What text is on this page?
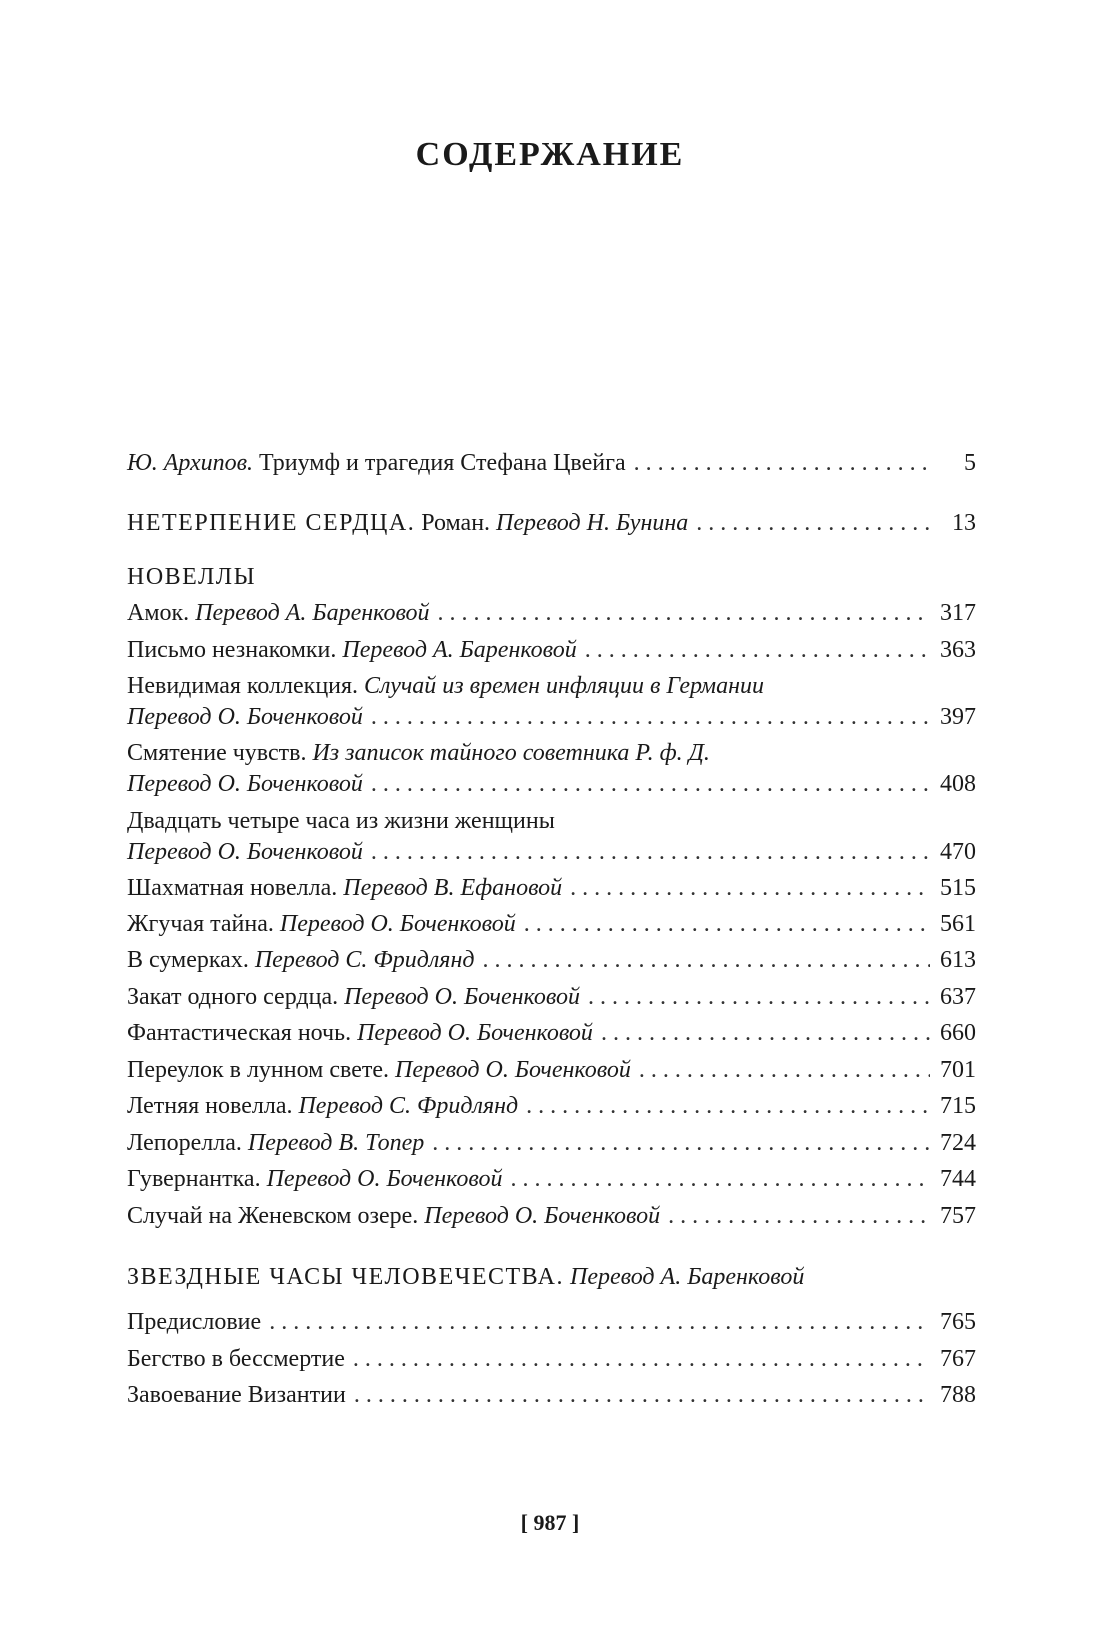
СОДЕРЖАНИЕ
Ю. Архипов. Триумф и трагедия Стефана Цвейга . . .	5
НЕТЕРПЕНИЕ СЕРДЦА. Роман. Перевод Н. Бунина . . .	13
НОВЕЛЛЫ
Амок. Перевод А. Баренковой . . .	317
Письмо незнакомки. Перевод А. Баренковой . . .	363
Невидимая коллекция. Случай из времен инфляции в Германии
Перевод О. Боченковой . . .	397
Смятение чувств. Из записок тайного советника Р. ф. Д.
Перевод О. Боченковой . . .	408
Двадцать четыре часа из жизни женщины
Перевод О. Боченковой . . .	470
Шахматная новелла. Перевод В. Ефановой . . .	515
Жгучая тайна. Перевод О. Боченковой . . .	561
В сумерках. Перевод С. Фридлянд . . .	613
Закат одного сердца. Перевод О. Боченковой . . .	637
Фантастическая ночь. Перевод О. Боченковой . . .	660
Переулок в лунном свете. Перевод О. Боченковой . . .	701
Летняя новелла. Перевод С. Фридлянд . . .	715
Лепорелла. Перевод В. Топер . . .	724
Гувернантка. Перевод О. Боченковой . . .	744
Случай на Женевском озере. Перевод О. Боченковой . . .	757
ЗВЕЗДНЫЕ ЧАСЫ ЧЕЛОВЕЧЕСТВА. Перевод А. Баренковой
Предисловие . . .	765
Бегство в бессмертие . . .	767
Завоевание Византии . . .	788
[ 987 ]
